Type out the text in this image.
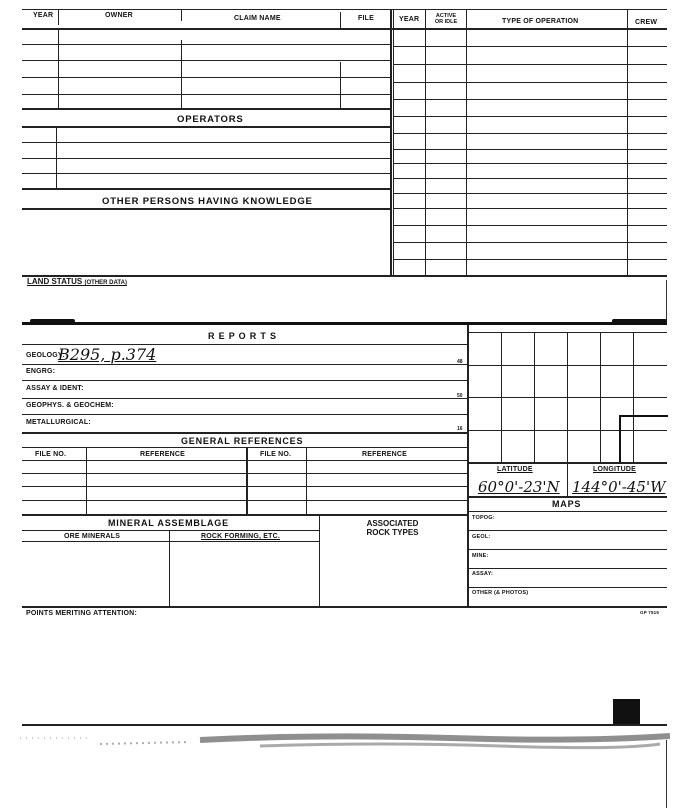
YEAR	OWNER	CLAIM NAME	FILE	YEAR	ACTIVE
OR IDLE	TYPE OF OPERATION	CREW
OPERATORS
OTHER PERSONS HAVING KNOWLEDGE
LAND STATUS (OTHER DATA)
R E P O R T S
GEOLOGY:
B295, p.374	48
ENGRG:
ASSAY & IDENT:
50
GEOPHYS. & GEOCHEM:
METALLURGICAL:
16
GENERAL REFERENCES
FILE NO.	REFERENCE	FILE NO.	REFERENCE
MINERAL ASSEMBLAGE	ASSOCIATED
ROCK TYPES
ORE MINERALS	ROCK FORMING, ETC.
LATITUDE	LONGITUDE
60°0'-23'N 144°0'-45'W
MAPS
TOPOG:
GEOL:
MINE:
ASSAY:
OTHER (& PHOTOS)
POINTS MERITING ATTENTION:	GP 7515
